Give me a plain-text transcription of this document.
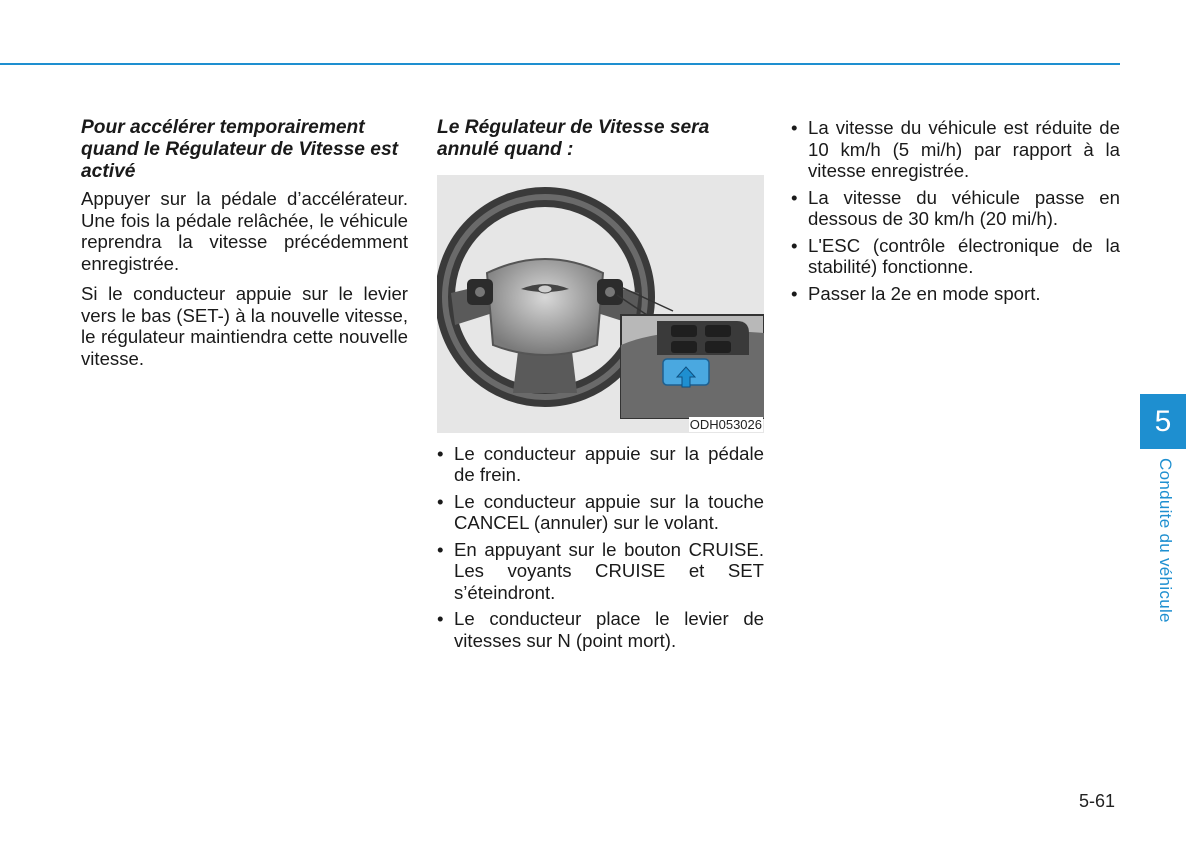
Pour accélérer temporairement quand le Régulateur de Vitesse est activé

Appuyer sur la pédale d’accélérateur. Une fois la pédale relâchée, le véhicule reprendra la vitesse précédemment enregistrée.

Si le conducteur appuie sur le levier vers le bas (SET-) à la nouvelle vitesse, le régulateur maintiendra cette nouvelle vitesse.

Le Régulateur de Vitesse sera annulé quand :
ODH053026
• Le conducteur appuie sur la pédale de frein.
• Le conducteur appuie sur la touche CANCEL (annuler) sur le volant.
• En appuyant sur le bouton CRUISE. Les voyants CRUISE et SET s’éteindront.
• Le conducteur place le levier de vitesses sur N (point mort).
• La vitesse du véhicule est réduite de 10 km/h (5 mi/h) par rapport à la vitesse enregistrée.
• La vitesse du véhicule passe en dessous de 30 km/h (20 mi/h).
• L'ESC (contrôle électronique de la stabilité) fonctionne.
• Passer la 2e en mode sport.
5
Conduite du véhicule
5-61
